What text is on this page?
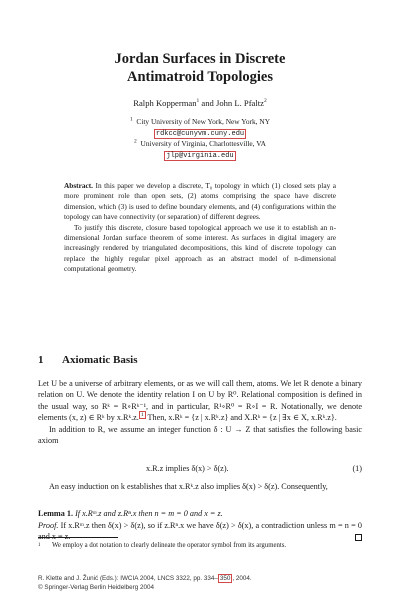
Jordan Surfaces in Discrete
Antimatroid Topologies
Ralph Kopperman$^1$ and John L. Pfaltz$^2$
$^1$ City University of New York, New York, NY
rdkcc@cunyvm.cuny.edu
$^2$ University of Virginia, Charlottesville, VA
jlp@virginia.edu

Abstract. In this paper we develop a discrete, T₀ topology in which (1) closed sets play a more prominent role than open sets, (2) atoms comprising the space have discrete dimension, which (3) is used to define boundary elements, and (4) configurations within the topology can have connectivity (or separation) of different degrees.

To justify this discrete, closure based topological approach we use it to establish an n-dimensional Jordan surface theorem of some interest. As surfaces in digital imagery are increasingly rendered by triangulated decompositions, this kind of discrete topology can replace the highly regular pixel approach as an abstract model of n-dimensional computational geometry.

1 Axiomatic Basis

Let U be a universe of arbitrary elements, or as we will call them, atoms. We let R denote a binary relation on U. We denote the identity relation I on U by R⁰. Relational composition is defined in the usual way, so Rᵏ = R∘Rᵏ⁻¹, and in particular, R¹∘R⁰ = R∘I = R. Notationally, we denote elements (x, z) ∈ Rᵏ by x.Rᵏ.z. $^1$ Then, x.Rᵏ = {z | x.Rᵏ.z} and X.Rᵏ = {z | ∃x ∈ X, x.Rᵏ.z}.

In addition to R, we assume an integer function δ : U → Z that satisfies the following basic axiom

x.R.z implies δ(x) > δ(z).	(1)

An easy induction on k establishes that x.Rᵏ.z also implies δ(x) > δ(z). Consequently,

Lemma 1. If x.Rᵐ.z and z.Rⁿ.x then n = m = 0 and x = z.

Proof. If x.Rᵐ.z then δ(x) > δ(z), so if z.Rⁿ.x we have δ(z) > δ(x), a contradiction unless m = n = 0 and x = z.

1 We employ a dot notation to clearly delineate the operator symbol from its arguments.
R. Klette and J. Žunić (Eds.): IWCIA 2004, LNCS 3322, pp. 334– 350 , 2004.
© Springer-Verlag Berlin Heidelberg 2004
